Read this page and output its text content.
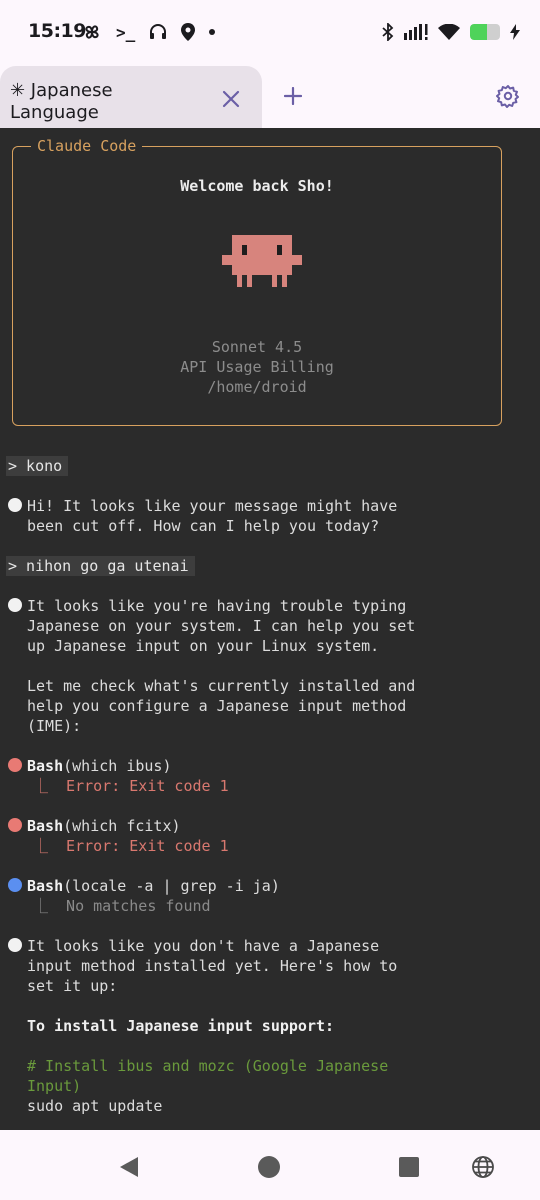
15:19 >_
✳ Japanese Language
Claude Code
Welcome back Sho!
Sonnet 4.5
API Usage Billing
/home/droid
> kono
Hi! It looks like your message might have
been cut off. How can I help you today?
> nihon go ga utenai
It looks like you're having trouble typing
Japanese on your system. I can help you set
up Japanese input on your Linux system.
Let me check what's currently installed and
help you configure a Japanese input method
(IME):
Bash(which ibus)
⎿  Error: Exit code 1
Bash(which fcitx)
⎿  Error: Exit code 1
Bash(locale -a | grep -i ja)
⎿  No matches found
It looks like you don't have a Japanese
input method installed yet. Here's how to
set it up:
To install Japanese input support:
# Install ibus and mozc (Google Japanese
Input)
sudo apt update
